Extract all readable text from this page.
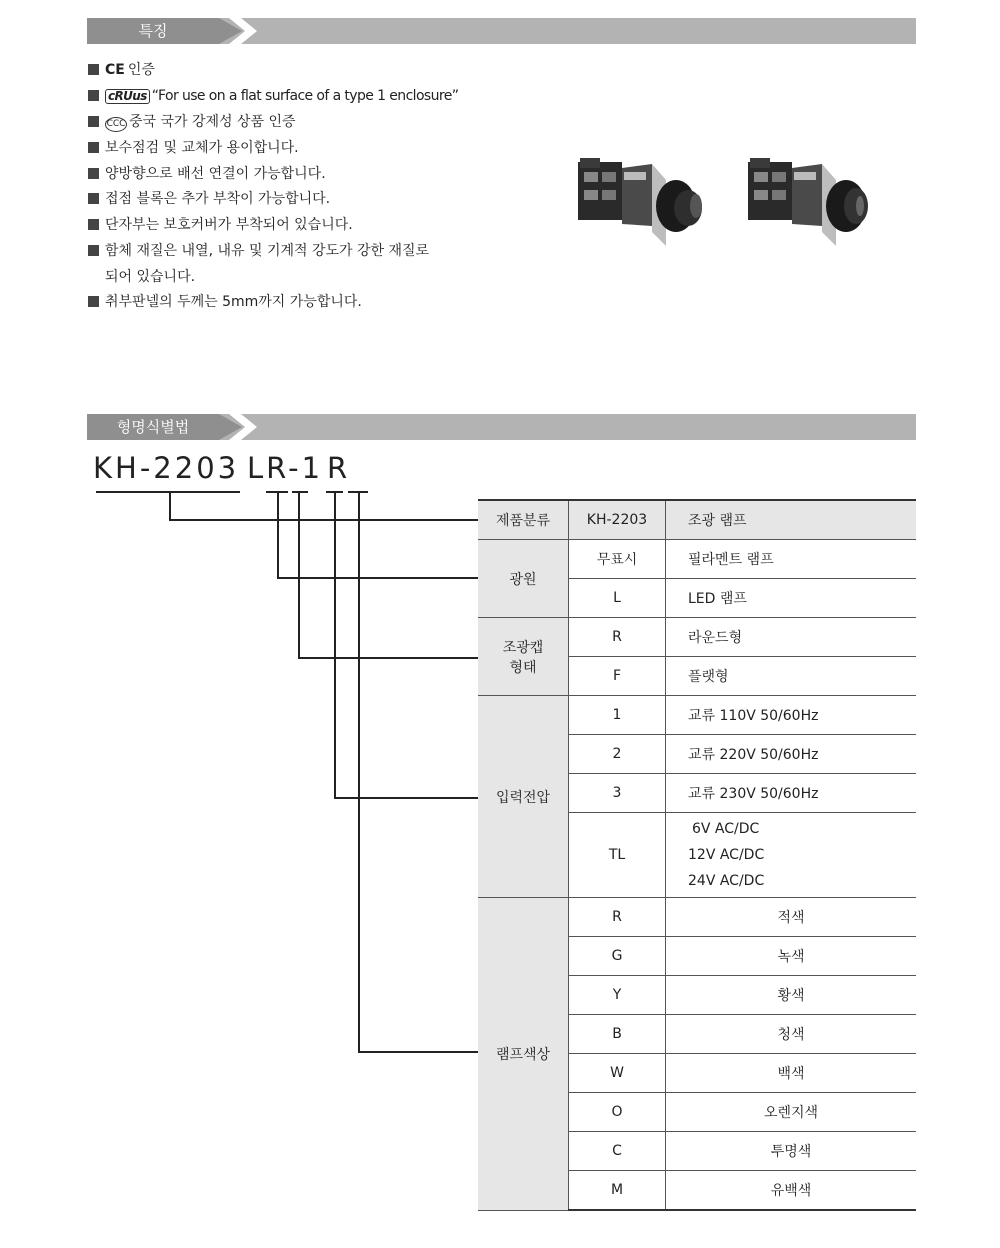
특징
CE 인증
cRUus “For use on a flat surface of a type 1 enclosure”
CCC 중국 국가 강제성 상품 인증
보수점검 및 교체가 용이합니다.
양방향으로 배선 연결이 가능합니다.
접점 블록은 추가 부착이 가능합니다.
단자부는 보호커버가 부착되어 있습니다.
함체 재질은 내열, 내유 및 기계적 강도가 강한 재질로
되어 있습니다.
취부판넬의 두께는 5mm까지 가능합니다.
형명식별법
KH-2203 LR-1 R
제품분류	KH-2203	조광 램프
광원	무표시	필라멘트 램프
	L	LED 램프

조광캡
형태	R	라운드형
	F	플랫형
입력전압	1	교류 110V 50/60Hz
	2	교류 220V 50/60Hz
	3	교류 230V 50/60Hz
	TL	6V AC/DC
12V AC/DC
24V AC/DC

램프색상	R	적색
	G	녹색
	Y	황색
	B	청색
	W	백색
	O	오렌지색
	C	투명색
	M	유백색
